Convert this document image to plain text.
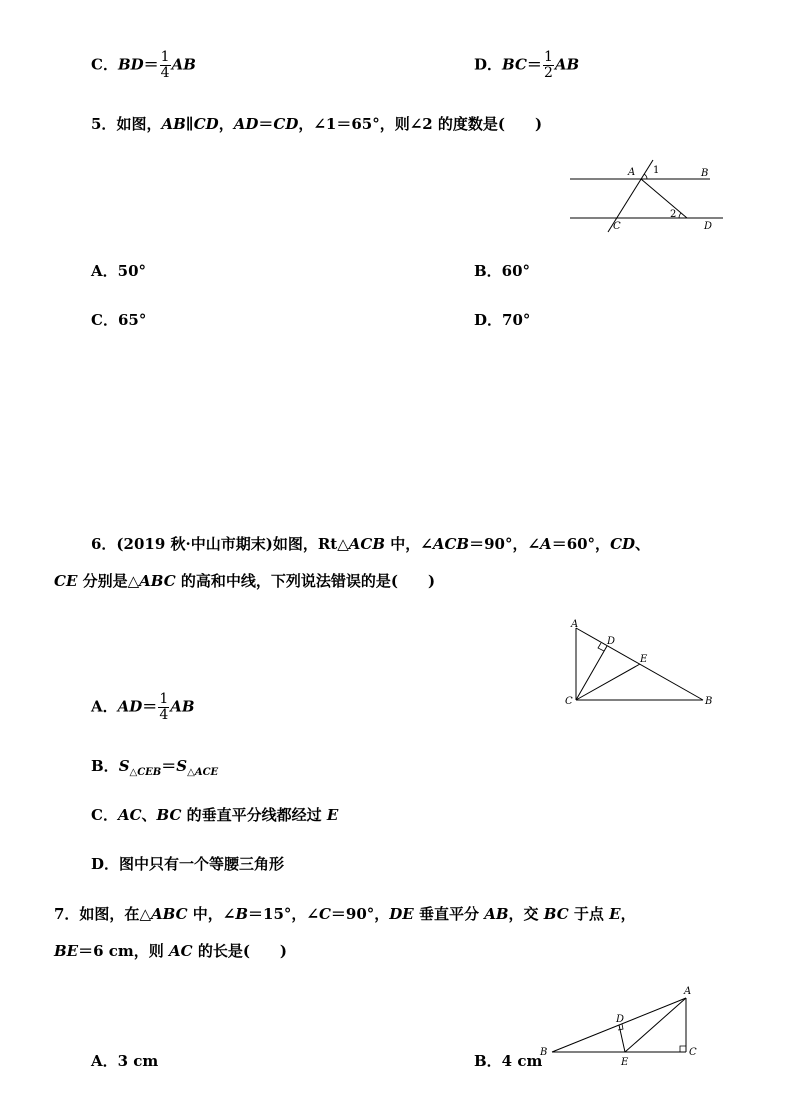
C．$BD= \frac{1}{4}$ AB	D．$BC= \frac{1}{2}$ AB
5．如图，AB∥CD，AD＝CD，∠1＝65°，则∠2 的度数是(　　)
A 1	B
2
C	D
A．50°	B．60°
C．65°	D．70°
6．(2019 秋·中山市期末)如图，Rt△ACB 中，∠ACB＝90°，∠A＝60°，CD、
CE 分别是△ABC 的高和中线，下列说法错误的是(　　)
A
D
E
C	B
A．$AD= \frac{1}{4}$ AB
B．$S_{\triangle CEB}=S_{\triangle ACE}$
C．AC、BC 的垂直平分线都经过 E
D．图中只有一个等腰三角形
7．如图，在△ABC 中，∠B＝15°，∠C＝90°，DE 垂直平分 AB，交 BC 于点 E，
BE＝6 cm，则 AC 的长是(　　)
A
D
B	C
E
A．3 cm	B．4 cm
